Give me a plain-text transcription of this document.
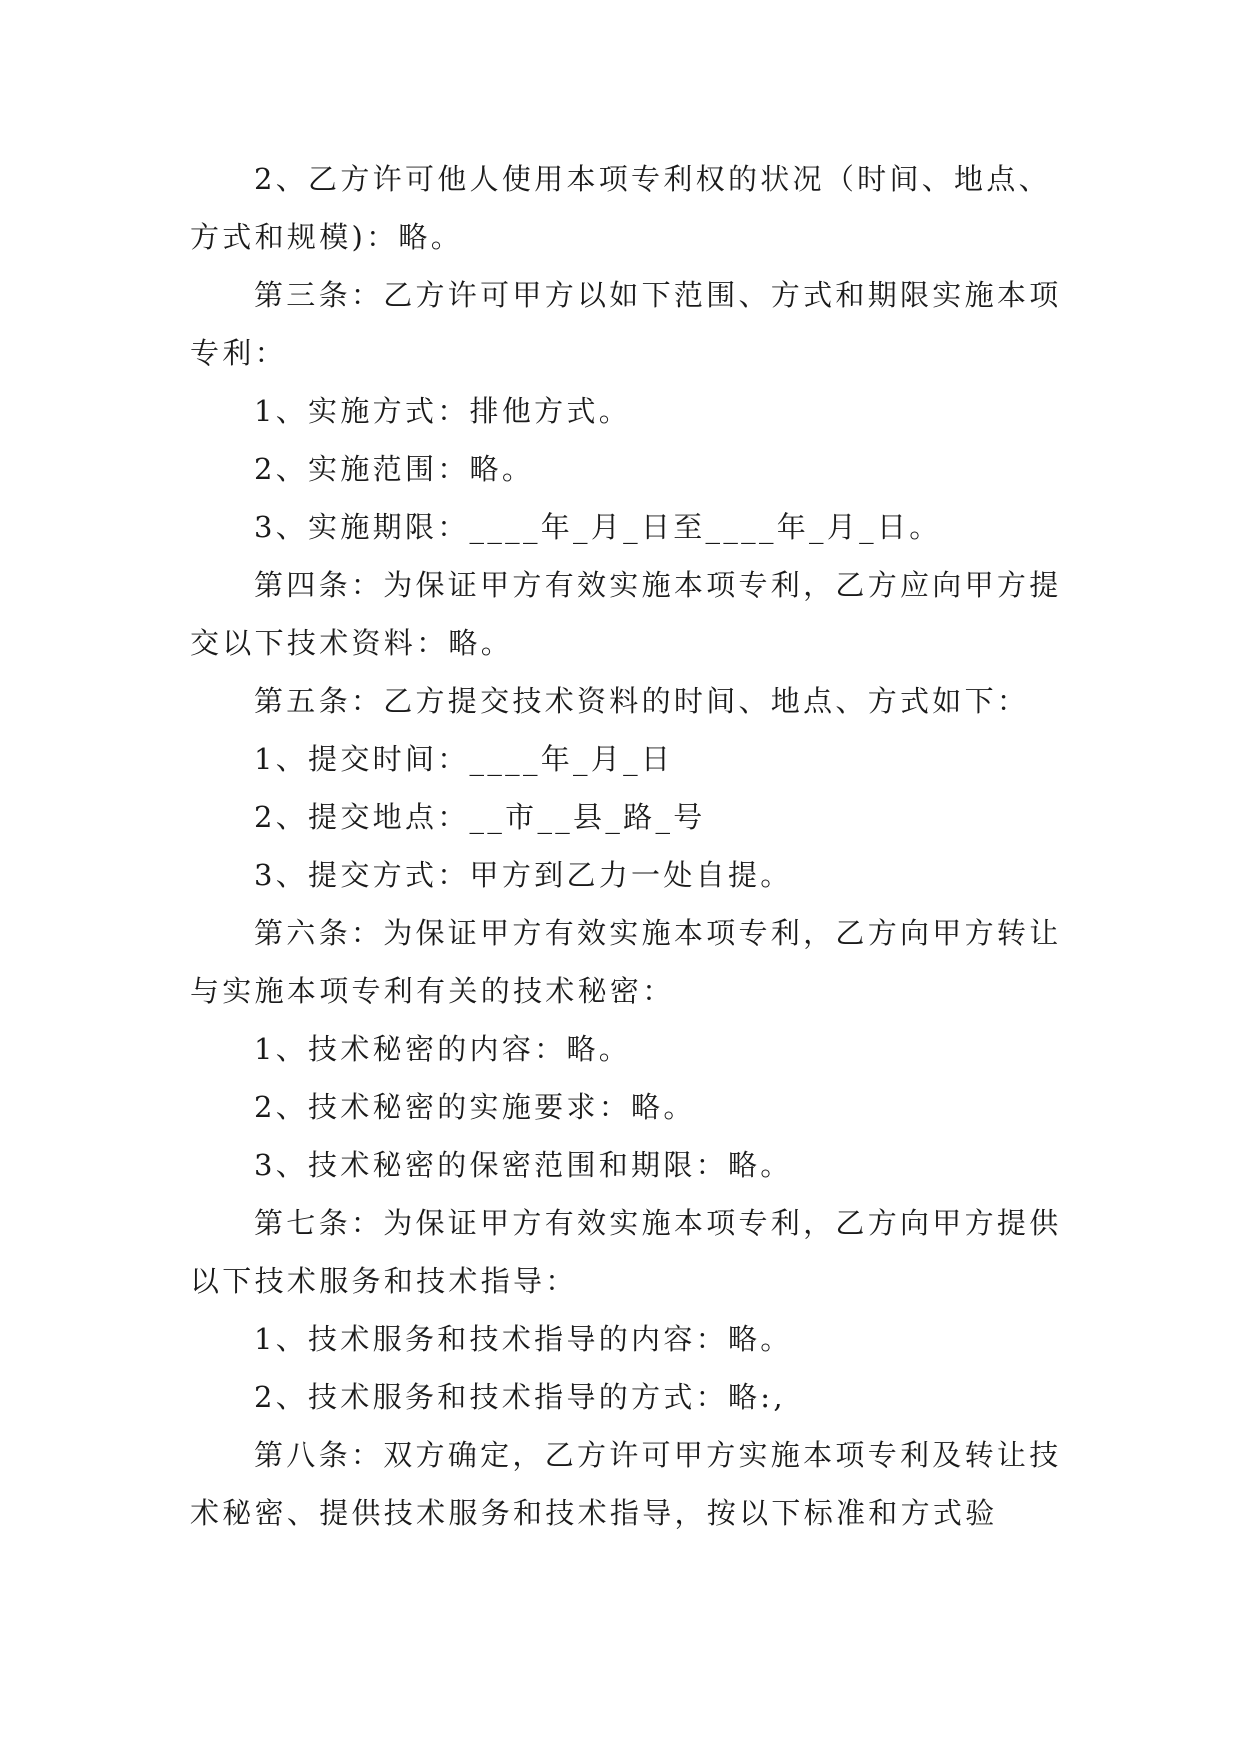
2、乙方许可他人使用本项专利权的状况（时间、地点、方式和规模)：略。

第三条：乙方许可甲方以如下范围、方式和期限实施本项专利：

1、实施方式：排他方式。

2、实施范围：略。

3、实施期限：____年_月_日至____年_月_日。

第四条：为保证甲方有效实施本项专利，乙方应向甲方提交以下技术资料：略。

第五条：乙方提交技术资料的时间、地点、方式如下：

1、提交时间：____年_月_日

2、提交地点：__市__县_路_号

3、提交方式：甲方到乙力一处自提。

第六条：为保证甲方有效实施本项专利，乙方向甲方转让与实施本项专利有关的技术秘密：

1、技术秘密的内容：略。

2、技术秘密的实施要求：略。

3、技术秘密的保密范围和期限：略。

第七条：为保证甲方有效实施本项专利，乙方向甲方提供以下技术服务和技术指导：

1、技术服务和技术指导的内容：略。

2、技术服务和技术指导的方式：略:,

第八条：双方确定，乙方许可甲方实施本项专利及转让技术秘密、提供技术服务和技术指导，按以下标准和方式验
